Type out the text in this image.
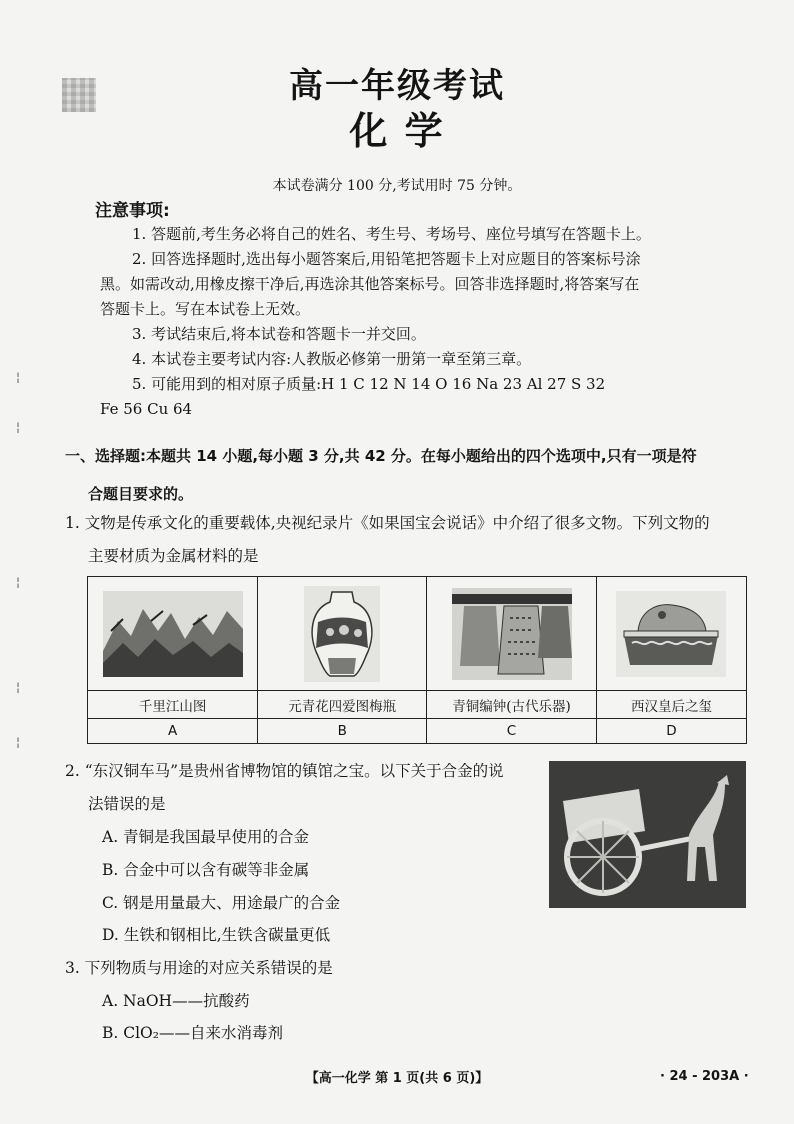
¦
¦
¦
¦
¦
高一年级考试
化 学
本试卷满分 100 分,考试用时 75 分钟。
注意事项:
1. 答题前,考生务必将自己的姓名、考生号、考场号、座位号填写在答题卡上。
2. 回答选择题时,选出每小题答案后,用铅笔把答题卡上对应题目的答案标号涂
黑。如需改动,用橡皮擦干净后,再选涂其他答案标号。回答非选择题时,将答案写在
答题卡上。写在本试卷上无效。
3. 考试结束后,将本试卷和答题卡一并交回。
4. 本试卷主要考试内容:人教版必修第一册第一章至第三章。
5. 可能用到的相对原子质量:H 1 C 12 N 14 O 16 Na 23 Al 27 S 32
Fe 56 Cu 64
一、选择题:本题共 14 小题,每小题 3 分,共 42 分。在每小题给出的四个选项中,只有一项是符
合题目要求的。
1. 文物是传承文化的重要载体,央视纪录片《如果国宝会说话》中介绍了很多文物。下列文物的
主要材质为金属材料的是

千里江山图	元青花四爱图梅瓶	青铜编钟(古代乐器)	西汉皇后之玺
A	B	C	D
2. “东汉铜车马”是贵州省博物馆的镇馆之宝。以下关于合金的说
法错误的是
A. 青铜是我国最早使用的合金
B. 合金中可以含有碳等非金属
C. 钢是用量最大、用途最广的合金
D. 生铁和钢相比,生铁含碳量更低
3. 下列物质与用途的对应关系错误的是
A. NaOH——抗酸药
B. ClO₂——自来水消毒剂
【高一化学 第 1 页(共 6 页)】	· 24 - 203A ·
